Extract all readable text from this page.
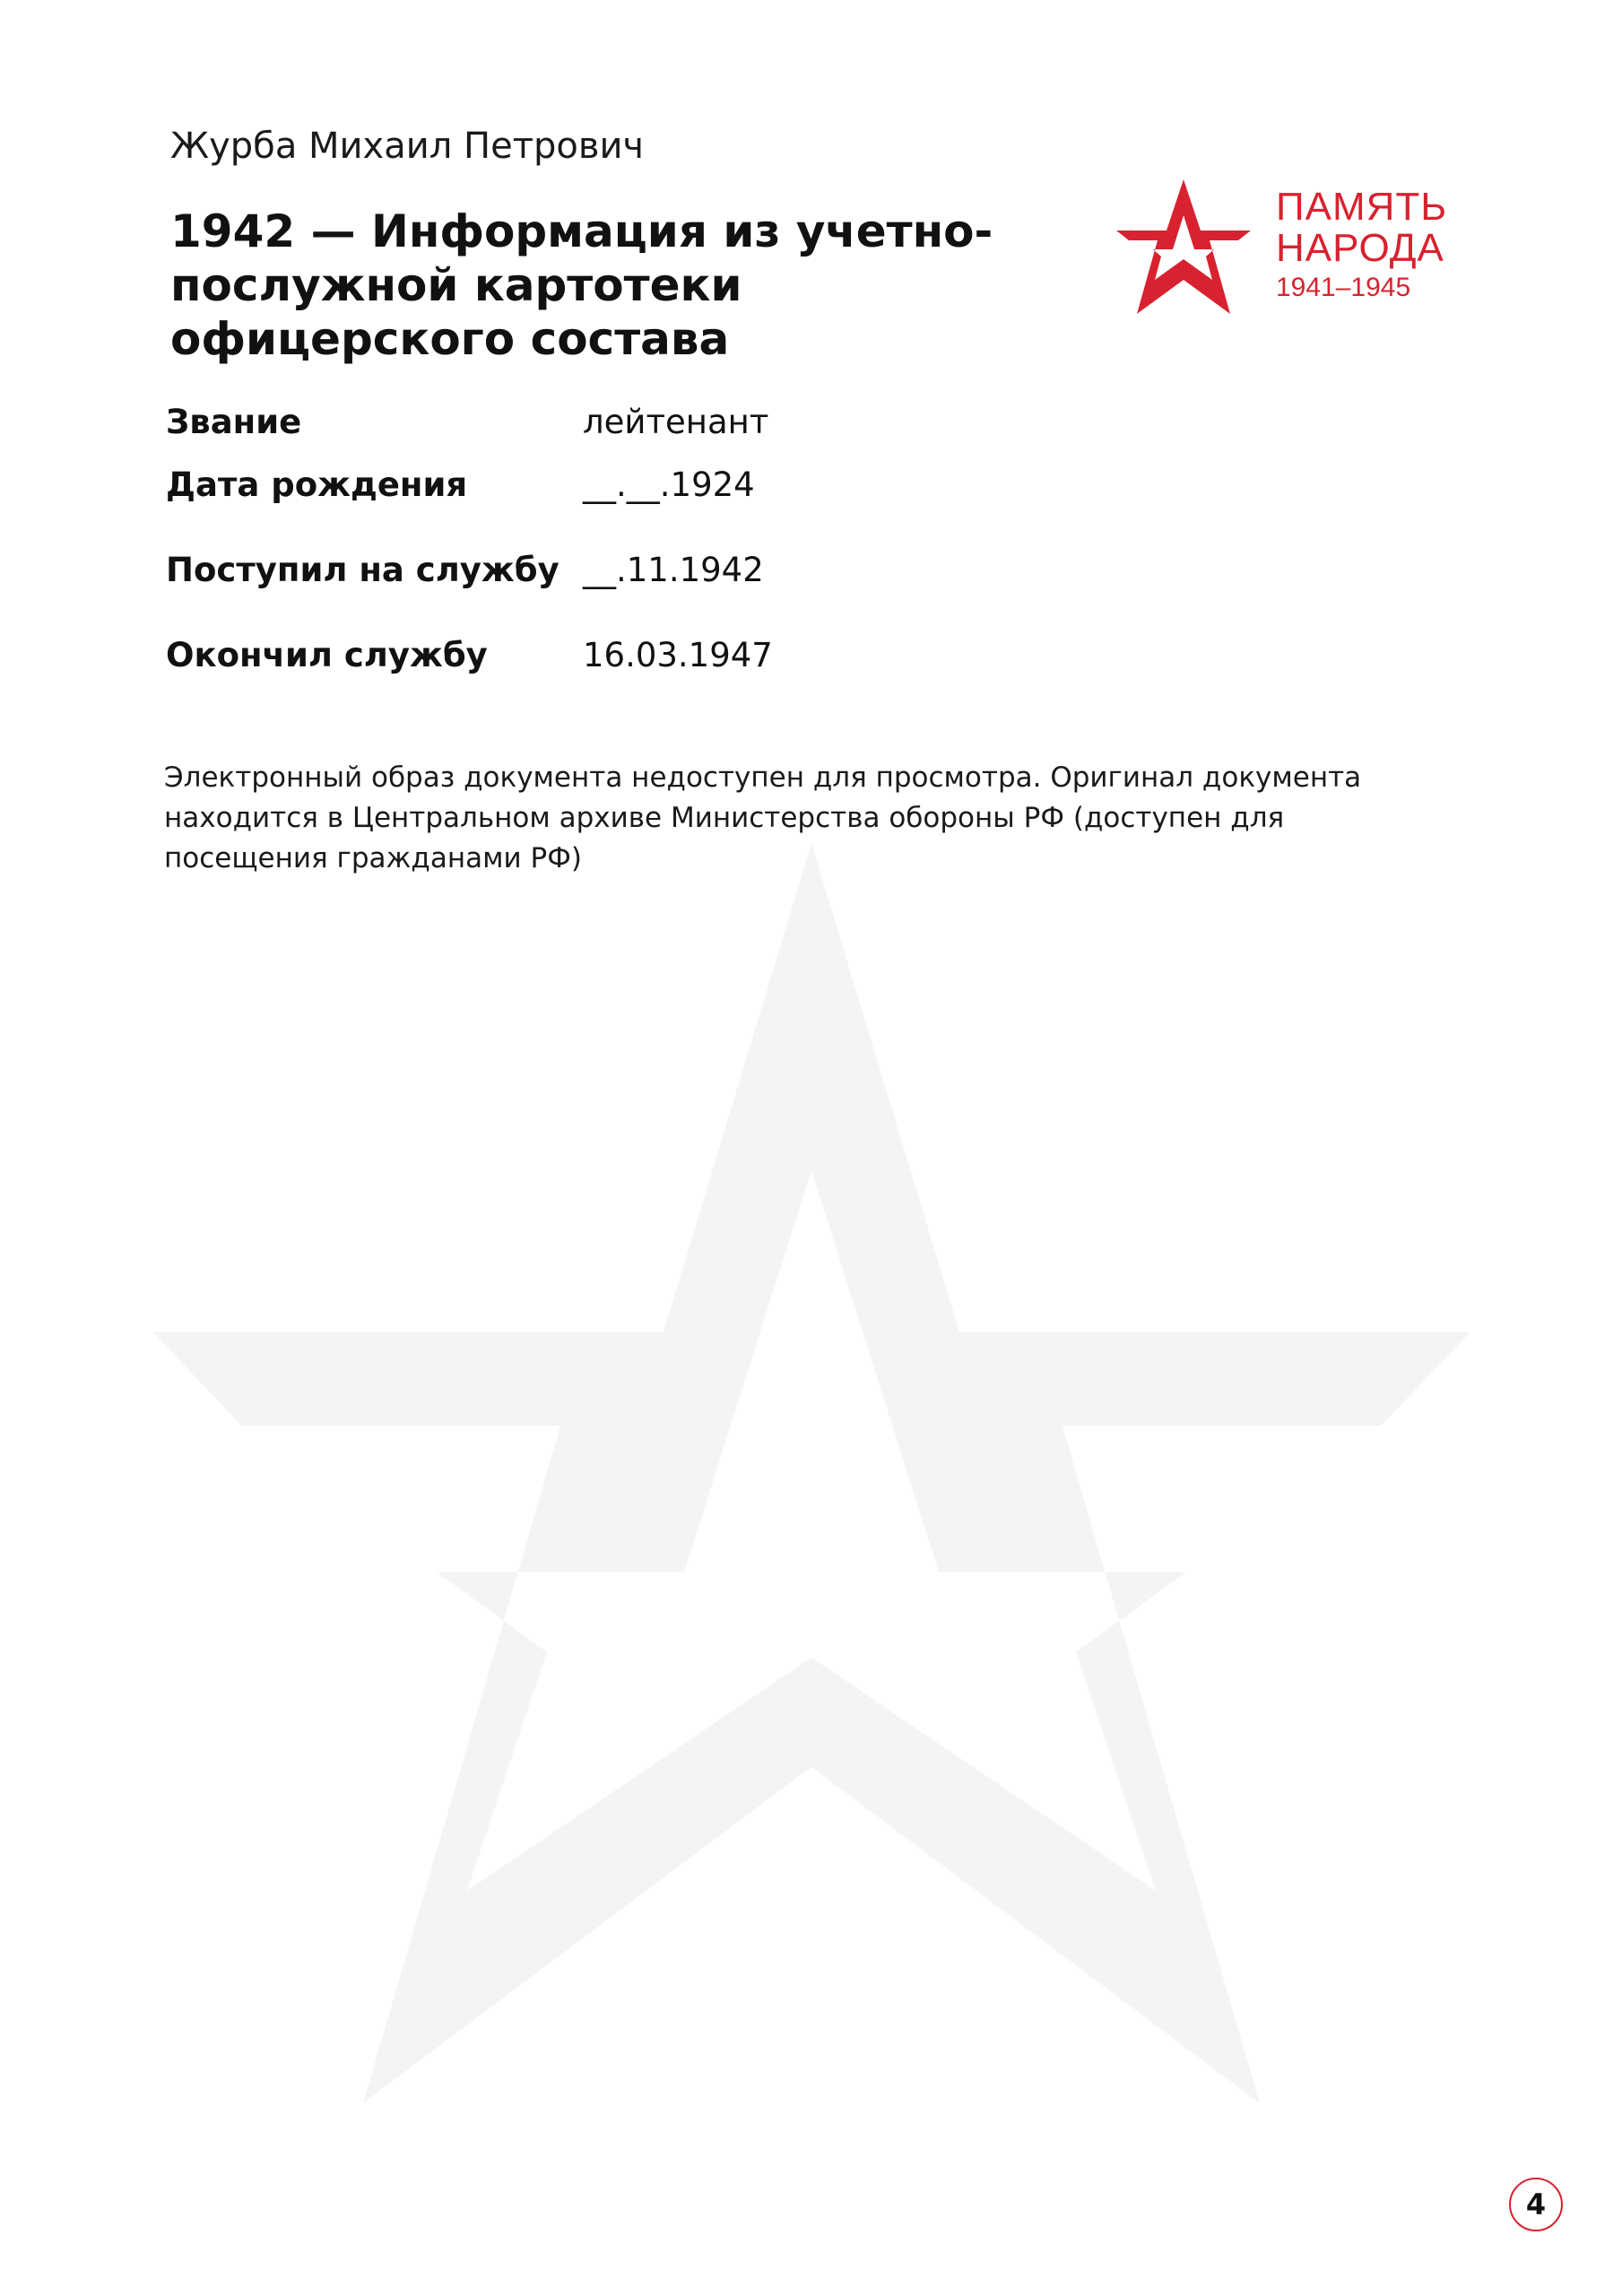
Журба Михаил Петрович
1942 — Информация из учетно-послужной картотеки офицерского состава
ПАМЯТЬ
НАРОДА
1941–1945
Звание	лейтенант
Дата рождения	__.__.1924
Поступил на службу	__.11.1942
Окончил службу	16.03.1947

Электронный образ документа недоступен для просмотра. Оригинал документа находится в Центральном архиве Министерства обороны РФ (доступен для посещения гражданами РФ)

4
